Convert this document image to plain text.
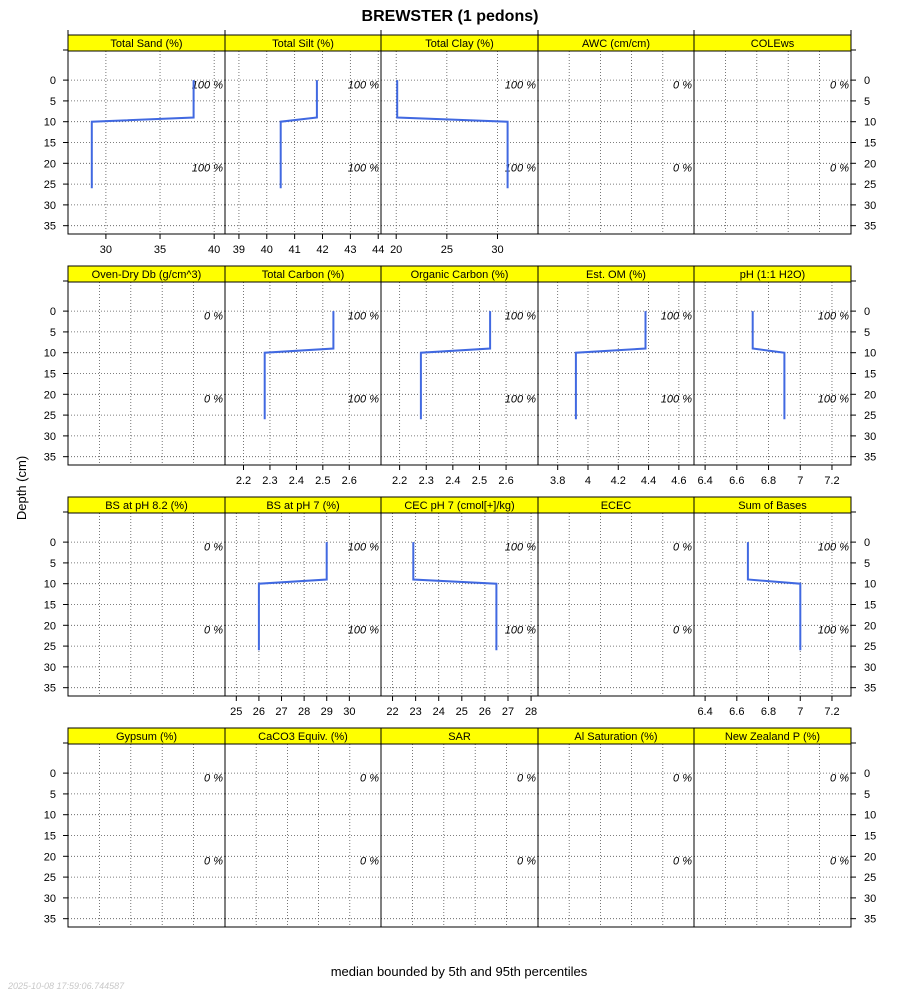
BREWSTER (1 pedons)
Depth (cm)
median bounded by 5th and 95th percentiles
2025-10-08 17:59:06.744587
Total Sand (%)
100 %
100 %
30	35	40
Total Silt (%)
100 %
100 %
39 40 41 42 43 44
Total Clay (%)
100 %
100 %
20	25	30
AWC (cm/cm)
0 %
0 %
COLEws
0 %
0 %
Oven-Dry Db (g/cm^3)
0 %
0 %
Total Carbon (%)
100 %
100 %
2.2 2.3 2.4 2.5 2.6
Organic Carbon (%)
100 %
100 %
2.2 2.3 2.4 2.5 2.6
Est. OM (%)
100 %
100 %
3.8 4 4.2 4.4 4.6
pH (1:1 H2O)
100 %
100 %
6.4 6.6 6.8 7 7.2
BS at pH 8.2 (%)
0 %
0 %
BS at pH 7 (%)
100 %
100 %
25 26 27 28 29 30
CEC pH 7 (cmol[+]/kg)
100 %
100 %
22 23 24 25 26 27 28
ECEC
0 %
0 %
Sum of Bases
100 %
100 %
6.4 6.6 6.8 7 7.2
Gypsum (%)
0 %
0 %
CaCO3 Equiv. (%)
0 %
0 %
SAR
0 %
0 %
Al Saturation (%)
0 %
0 %
New Zealand P (%)
0 %
0 %
0	0
5	5
10	10
15	15
20	20
25	25
30	30
35	35
0	0
5	5
10	10
15	15
20	20
25	25
30	30
35	35
0	0
5	5
10	10
15	15
20	20
25	25
30	30
35	35
0	0
5	5
10	10
15	15
20	20
25	25
30	30
35	35
